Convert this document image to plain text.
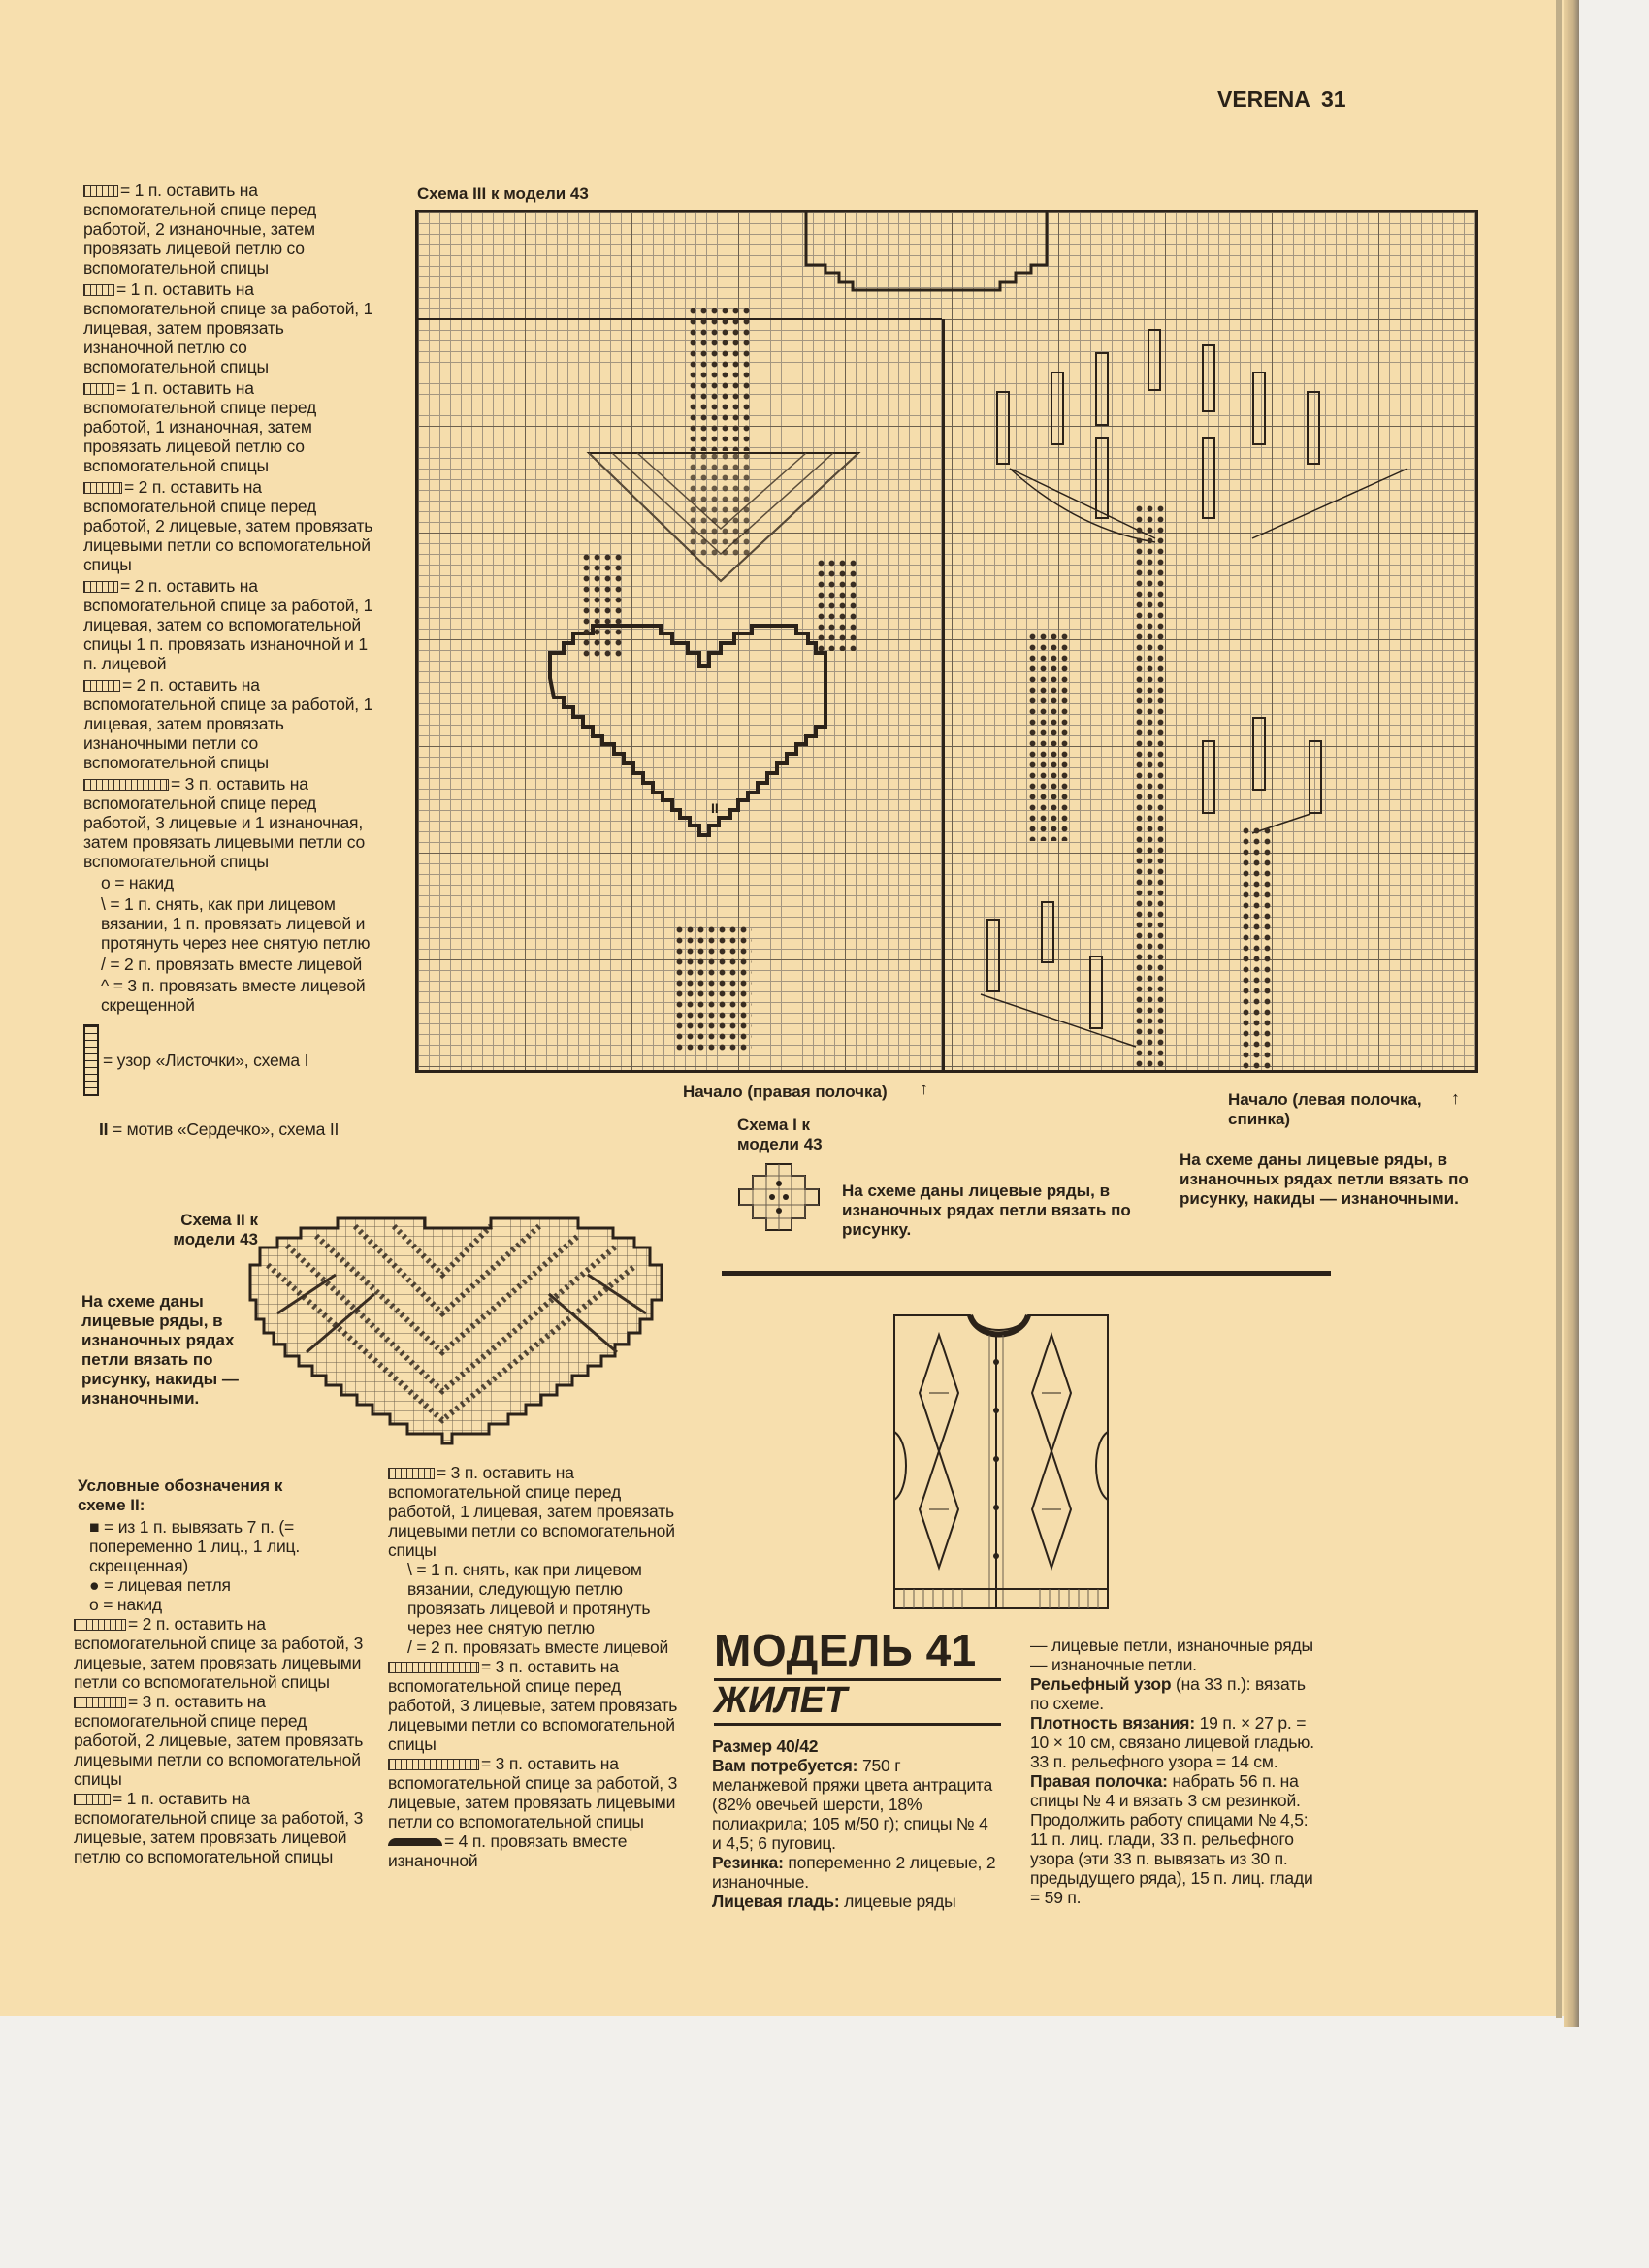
VERENA 31

= 1 п. оставить на вспомогательной спице перед работой, 2 изнаночные, затем провязать лицевой петлю со вспомогательной спицы

= 1 п. оставить на вспомогательной спице за работой, 1 лицевая, затем провязать изнаночной петлю со вспомогательной спицы

= 1 п. оставить на вспомогательной спице перед работой, 1 изнаночная, затем провязать лицевой петлю со вспомогательной спицы

= 2 п. оставить на вспомогательной спице перед работой, 2 лицевые, затем провязать лицевыми петли со вспомогательной спицы

= 2 п. оставить на вспомогательной спице за работой, 1 лицевая, затем со вспомогательной спицы 1 п. провязать изнаночной и 1 п. лицевой

= 2 п. оставить на вспомогательной спице за работой, 1 лицевая, затем провязать изнаночными петли со вспомогательной спицы

= 3 п. оставить на вспомогательной спице перед работой, 3 лицевые и 1 изнаночная, затем провязать лицевыми петли со вспомогательной спицы

о = накид

\ = 1 п. снять, как при лицевом вязании, 1 п. провязать лицевой и протянуть через нее снятую петлю

/ = 2 п. провязать вместе лицевой

^ = 3 п. провязать вместе лицевой скрещенной

= узор «Листочки», схема I

II = мотив «Сердечко», схема II

Схема III к модели 43
II
Начало (правая полочка) ↑
Начало (левая полочка, спинка)
↑
На схеме даны лицевые ряды, в изнаночных рядах петли вязать по рисунку, накиды — изнаночными.
Схема I к модели 43
На схеме даны лицевые ряды, в изнаночных рядах петли вязать по рисунку.
Схема II к модели 43
На схеме даны лицевые ряды, в изнаночных рядах петли вязать по рисунку, накиды — изнаночными.
Условные обозначения к схеме II:

■ = из 1 п. вывязать 7 п. (= попеременно 1 лиц., 1 лиц. скрещенная)

● = лицевая петля

о = накид

= 2 п. оставить на вспомогательной спице за работой, 3 лицевые, затем провязать лицевыми петли со вспомогательной спицы

= 3 п. оставить на вспомогательной спице перед работой, 2 лицевые, затем провязать лицевыми петли со вспомогательной спицы

= 1 п. оставить на вспомогательной спице за работой, 3 лицевые, затем провязать лицевой петлю со вспомогательной спицы

= 3 п. оставить на вспомогательной спице перед работой, 1 лицевая, затем провязать лицевыми петли со вспомогательной спицы

\ = 1 п. снять, как при лицевом вязании, следующую петлю провязать лицевой и протянуть через нее снятую петлю

/ = 2 п. провязать вместе лицевой

= 3 п. оставить на вспомогательной спице перед работой, 3 лицевые, затем провязать лицевыми петли со вспомогательной спицы

= 3 п. оставить на вспомогательной спице за работой, 3 лицевые, затем провязать лицевыми петли со вспомогательной спицы

= 4 п. провязать вместе изнаночной

МОДЕЛЬ 41
ЖИЛЕТ

Размер 40/42

Вам потребуется: 750 г меланжевой пряжи цвета антрацита (82% овечьей шерсти, 18% полиакрила; 105 м/50 г); спицы № 4 и 4,5; 6 пуговиц.

Резинка: попеременно 2 лицевые, 2 изнаночные.

Лицевая гладь: лицевые ряды

— лицевые петли, изнаночные ряды — изнаночные петли.

Рельефный узор (на 33 п.): вязать по схеме.

Плотность вязания: 19 п. × 27 р. = 10 × 10 см, связано лицевой гладью. 33 п. рельефного узора = 14 см.

Правая полочка: набрать 56 п. на спицы № 4 и вязать 3 см резинкой. Продолжить работу спицами № 4,5: 11 п. лиц. глади, 33 п. рельефного узора (эти 33 п. вывязать из 30 п. предыдущего ряда), 15 п. лиц. глади = 59 п.
